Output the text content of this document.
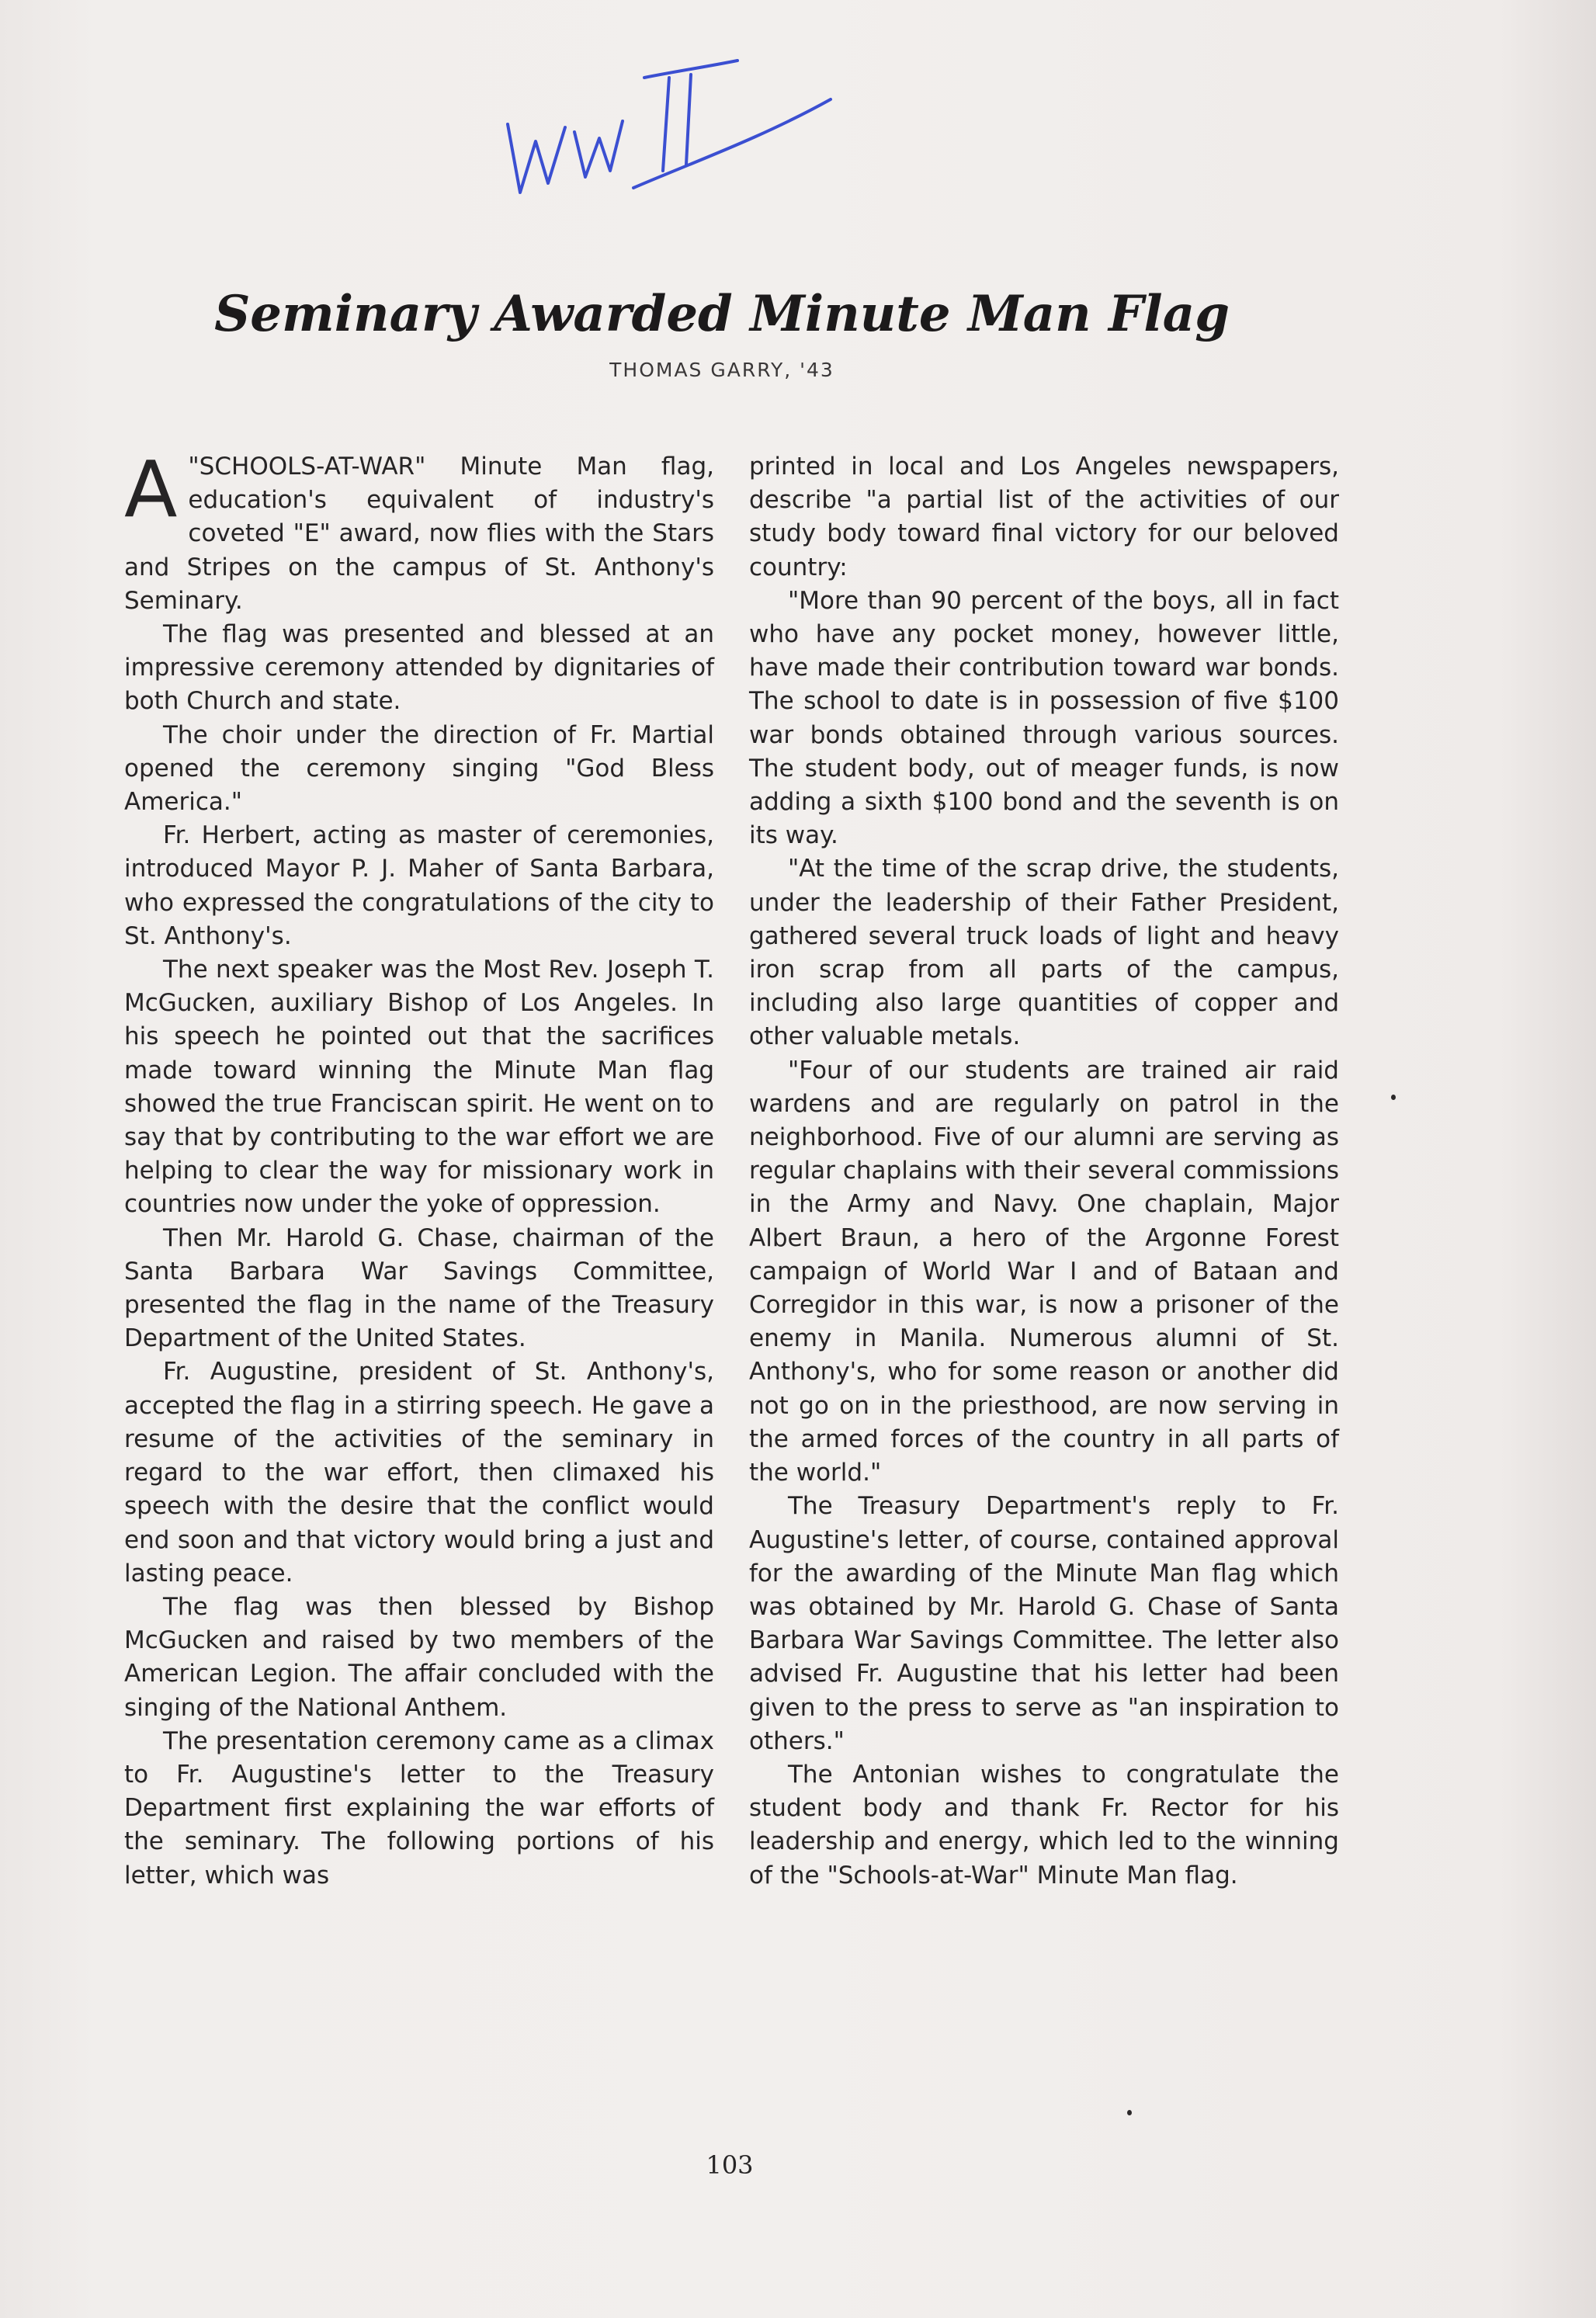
Seminary Awarded Minute Man Flag

THOMAS GARRY, '43

A "SCHOOLS-AT-WAR" Minute Man flag, education's equivalent of industry's coveted "E" award, now flies with the Stars and Stripes on the campus of St. Anthony's Seminary.

The flag was presented and blessed at an impressive ceremony attended by dignitaries of both Church and state.

The choir under the direction of Fr. Martial opened the ceremony singing "God Bless America."

Fr. Herbert, acting as master of ceremonies, introduced Mayor P. J. Maher of Santa Barbara, who expressed the congratulations of the city to St. Anthony's.

The next speaker was the Most Rev. Joseph T. McGucken, auxiliary Bishop of Los Angeles. In his speech he pointed out that the sacrifices made toward winning the Minute Man flag showed the true Franciscan spirit. He went on to say that by contributing to the war effort we are helping to clear the way for missionary work in countries now under the yoke of oppression.

Then Mr. Harold G. Chase, chairman of the Santa Barbara War Savings Committee, presented the flag in the name of the Treasury Department of the United States.

Fr. Augustine, president of St. Anthony's, accepted the flag in a stirring speech. He gave a resume of the activities of the seminary in regard to the war effort, then climaxed his speech with the desire that the conflict would end soon and that victory would bring a just and lasting peace.

The flag was then blessed by Bishop McGucken and raised by two members of the American Legion. The affair concluded with the singing of the National Anthem.

The presentation ceremony came as a climax to Fr. Augustine's letter to the Treasury Department first explaining the war efforts of the seminary. The following portions of his letter, which was

printed in local and Los Angeles newspapers, describe "a partial list of the activities of our study body toward final victory for our beloved country:

"More than 90 percent of the boys, all in fact who have any pocket money, however little, have made their contribution toward war bonds. The school to date is in possession of five $100 war bonds obtained through various sources. The student body, out of meager funds, is now adding a sixth $100 bond and the seventh is on its way.

"At the time of the scrap drive, the students, under the leadership of their Father President, gathered several truck loads of light and heavy iron scrap from all parts of the campus, including also large quantities of copper and other valuable metals.

"Four of our students are trained air raid wardens and are regularly on patrol in the neighborhood. Five of our alumni are serving as regular chaplains with their several commissions in the Army and Navy. One chaplain, Major Albert Braun, a hero of the Argonne Forest campaign of World War I and of Bataan and Corregidor in this war, is now a prisoner of the enemy in Manila. Numerous alumni of St. Anthony's, who for some reason or another did not go on in the priesthood, are now serving in the armed forces of the country in all parts of the world."

The Treasury Department's reply to Fr. Augustine's letter, of course, contained approval for the awarding of the Minute Man flag which was obtained by Mr. Harold G. Chase of Santa Barbara War Savings Committee. The letter also advised Fr. Augustine that his letter had been given to the press to serve as "an inspiration to others."

The Antonian wishes to congratulate the student body and thank Fr. Rector for his leadership and energy, which led to the winning of the "Schools-at-War" Minute Man flag.

103
